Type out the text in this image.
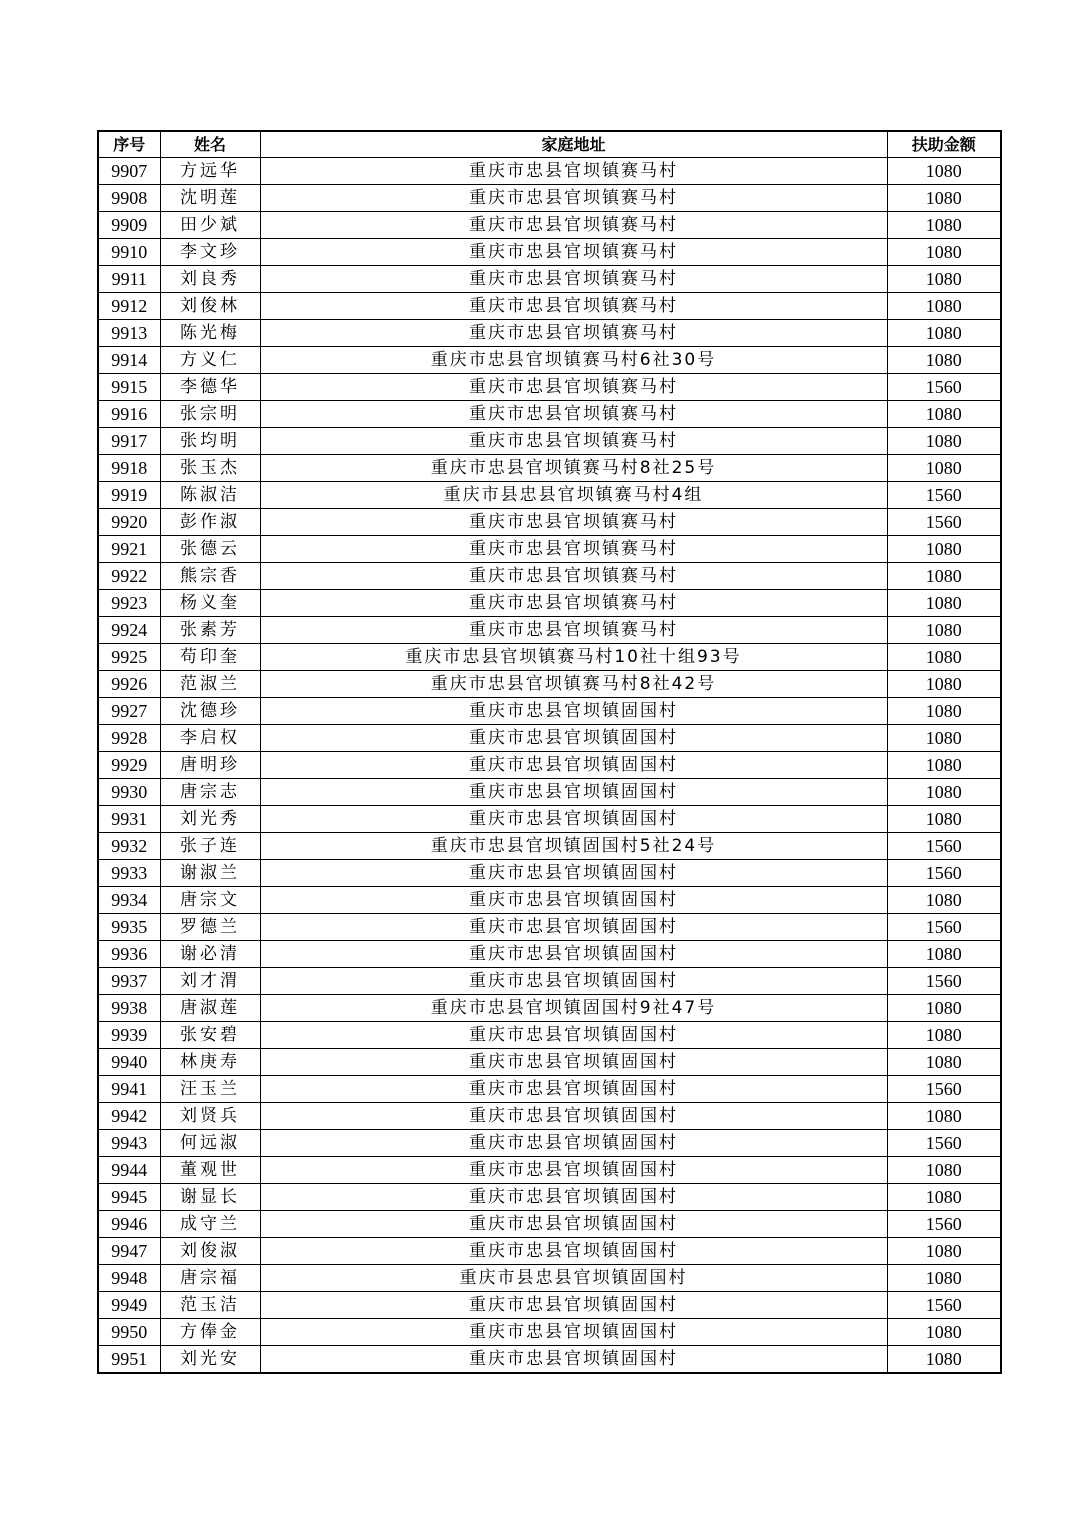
序号	姓名	家庭地址	扶助金额
9907	方远华	重庆市忠县官坝镇赛马村	1080
9908	沈明莲	重庆市忠县官坝镇赛马村	1080
9909	田少斌	重庆市忠县官坝镇赛马村	1080
9910	李文珍	重庆市忠县官坝镇赛马村	1080
9911	刘良秀	重庆市忠县官坝镇赛马村	1080
9912	刘俊林	重庆市忠县官坝镇赛马村	1080
9913	陈光梅	重庆市忠县官坝镇赛马村	1080
9914	方义仁	重庆市忠县官坝镇赛马村6社30号	1080
9915	李德华	重庆市忠县官坝镇赛马村	1560
9916	张宗明	重庆市忠县官坝镇赛马村	1080
9917	张均明	重庆市忠县官坝镇赛马村	1080
9918	张玉杰	重庆市忠县官坝镇赛马村8社25号	1080
9919	陈淑洁	重庆市县忠县官坝镇赛马村4组	1560
9920	彭作淑	重庆市忠县官坝镇赛马村	1560
9921	张德云	重庆市忠县官坝镇赛马村	1080
9922	熊宗香	重庆市忠县官坝镇赛马村	1080
9923	杨义奎	重庆市忠县官坝镇赛马村	1080
9924	张素芳	重庆市忠县官坝镇赛马村	1080
9925	苟印奎	重庆市忠县官坝镇赛马村10社十组93号	1080
9926	范淑兰	重庆市忠县官坝镇赛马村8社42号	1080
9927	沈德珍	重庆市忠县官坝镇固国村	1080
9928	李启权	重庆市忠县官坝镇固国村	1080
9929	唐明珍	重庆市忠县官坝镇固国村	1080
9930	唐宗志	重庆市忠县官坝镇固国村	1080
9931	刘光秀	重庆市忠县官坝镇固国村	1080
9932	张子连	重庆市忠县官坝镇固国村5社24号	1560
9933	谢淑兰	重庆市忠县官坝镇固国村	1560
9934	唐宗文	重庆市忠县官坝镇固国村	1080
9935	罗德兰	重庆市忠县官坝镇固国村	1560
9936	谢必清	重庆市忠县官坝镇固国村	1080
9937	刘才渭	重庆市忠县官坝镇固国村	1560
9938	唐淑莲	重庆市忠县官坝镇固国村9社47号	1080
9939	张安碧	重庆市忠县官坝镇固国村	1080
9940	林庚寿	重庆市忠县官坝镇固国村	1080
9941	汪玉兰	重庆市忠县官坝镇固国村	1560
9942	刘贤兵	重庆市忠县官坝镇固国村	1080
9943	何远淑	重庆市忠县官坝镇固国村	1560
9944	董观世	重庆市忠县官坝镇固国村	1080
9945	谢显长	重庆市忠县官坝镇固国村	1080
9946	成守兰	重庆市忠县官坝镇固国村	1560
9947	刘俊淑	重庆市忠县官坝镇固国村	1080
9948	唐宗福	重庆市县忠县官坝镇固国村	1080
9949	范玉洁	重庆市忠县官坝镇固国村	1560
9950	方俸金	重庆市忠县官坝镇固国村	1080
9951	刘光安	重庆市忠县官坝镇固国村	1080
